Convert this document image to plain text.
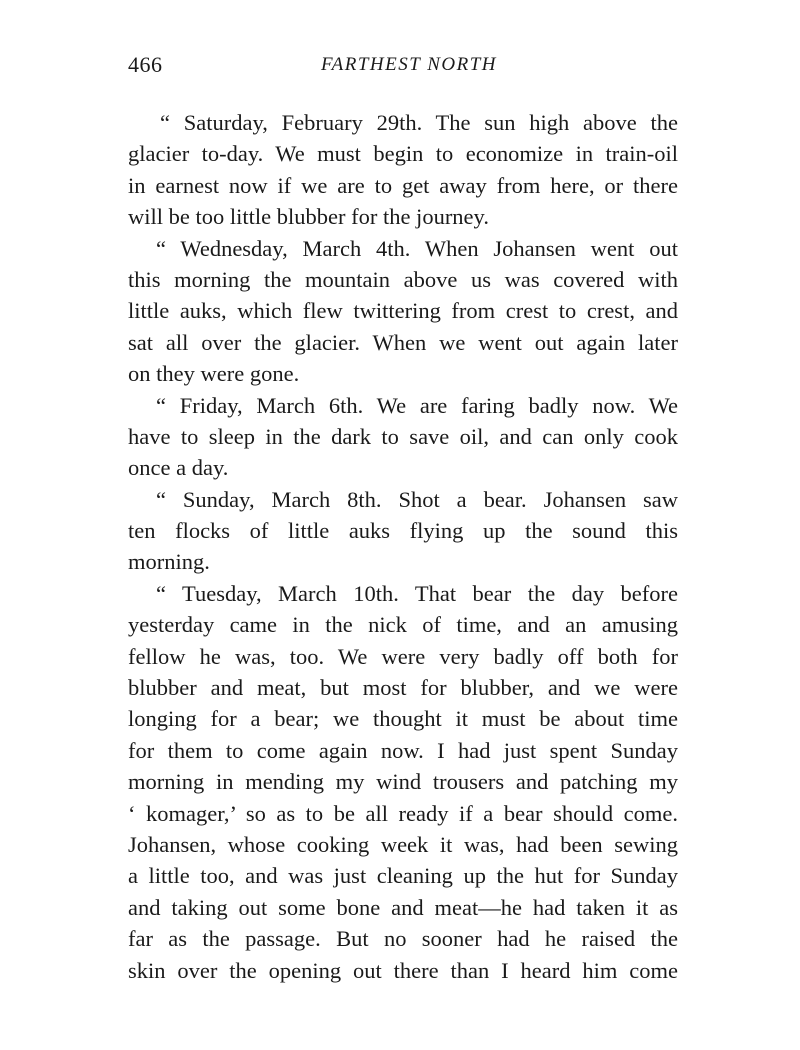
466	FARTHEST NORTH
“ Saturday, February 29th. The sun high above the
glacier to-day. We must begin to economize in train-oil
in earnest now if we are to get away from here, or there
will be too little blubber for the journey.
“ Wednesday, March 4th. When Johansen went out
this morning the mountain above us was covered with
little auks, which flew twittering from crest to crest, and
sat all over the glacier. When we went out again later
on they were gone.
“ Friday, March 6th. We are faring badly now. We
have to sleep in the dark to save oil, and can only cook
once a day.
“ Sunday, March 8th. Shot a bear. Johansen saw
ten flocks of little auks flying up the sound this
morning.
“ Tuesday, March 10th. That bear the day before
yesterday came in the nick of time, and an amusing
fellow he was, too. We were very badly off both for
blubber and meat, but most for blubber, and we were
longing for a bear; we thought it must be about time
for them to come again now. I had just spent Sunday
morning in mending my wind trousers and patching my
‘ komager,’ so as to be all ready if a bear should come.
Johansen, whose cooking week it was, had been sewing
a little too, and was just cleaning up the hut for Sunday
and taking out some bone and meat—he had taken it as
far as the passage. But no sooner had he raised the
skin over the opening out there than I heard him come
